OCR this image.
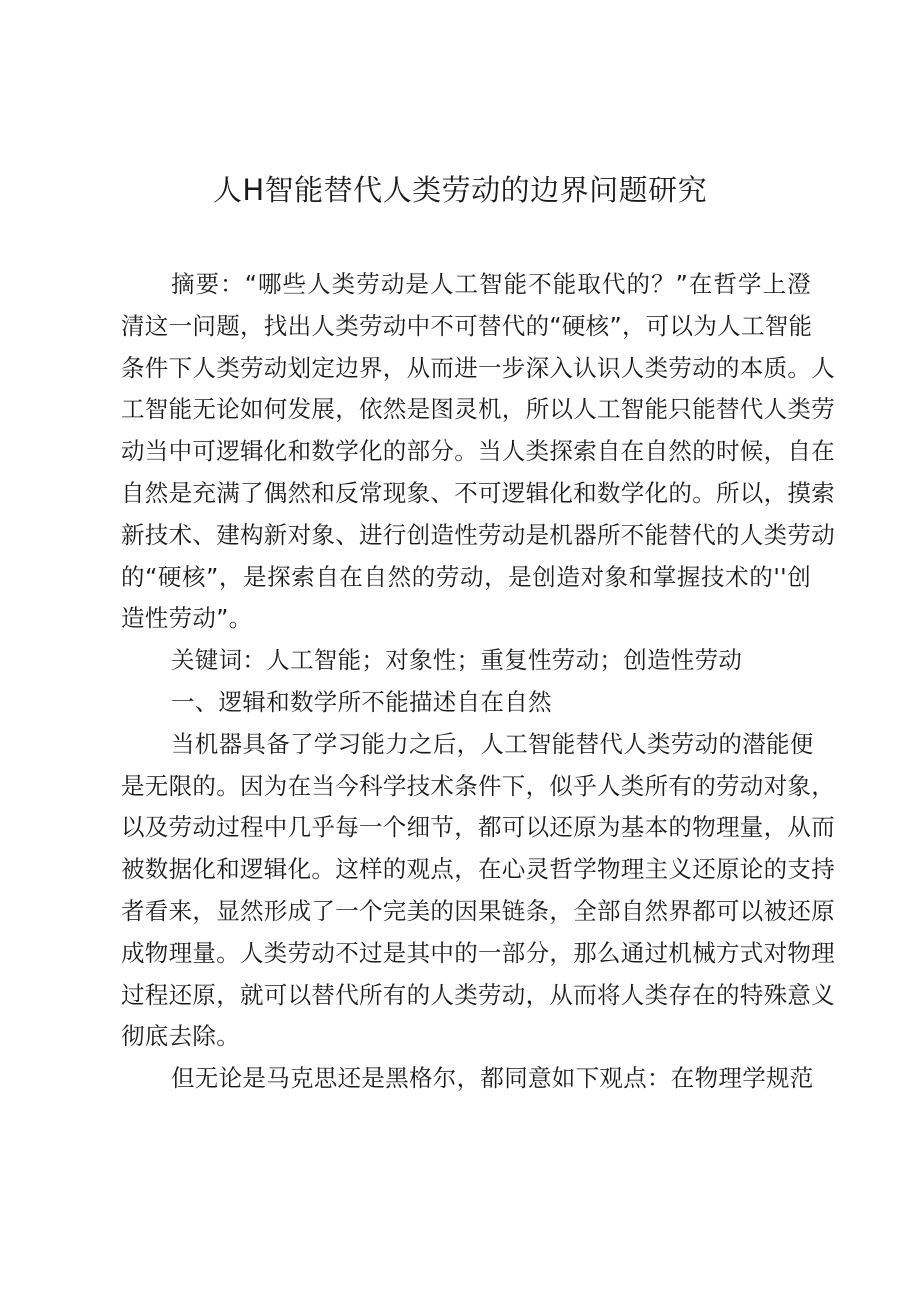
人H智能替代人类劳动的边界问题研究
摘要：“哪些人类劳动是人工智能不能取代的？”在哲学上澄
清这一问题，找出人类劳动中不可替代的“硬核”，可以为人工智能
条件下人类劳动划定边界，从而进一步深入认识人类劳动的本质。人
工智能无论如何发展，依然是图灵机，所以人工智能只能替代人类劳
动当中可逻辑化和数学化的部分。当人类探索自在自然的时候，自在
自然是充满了偶然和反常现象、不可逻辑化和数学化的。所以，摸索
新技术、建构新对象、进行创造性劳动是机器所不能替代的人类劳动
的“硬核”，是探索自在自然的劳动，是创造对象和掌握技术的''创
造性劳动”。
关键词：人工智能；对象性；重复性劳动；创造性劳动
一、逻辑和数学所不能描述自在自然
当机器具备了学习能力之后，人工智能替代人类劳动的潜能便
是无限的。因为在当今科学技术条件下，似乎人类所有的劳动对象，
以及劳动过程中几乎每一个细节，都可以还原为基本的物理量，从而
被数据化和逻辑化。这样的观点，在心灵哲学物理主义还原论的支持
者看来，显然形成了一个完美的因果链条，全部自然界都可以被还原
成物理量。人类劳动不过是其中的一部分，那么通过机械方式对物理
过程还原，就可以替代所有的人类劳动，从而将人类存在的特殊意义
彻底去除。
但无论是马克思还是黑格尔，都同意如下观点：在物理学规范
